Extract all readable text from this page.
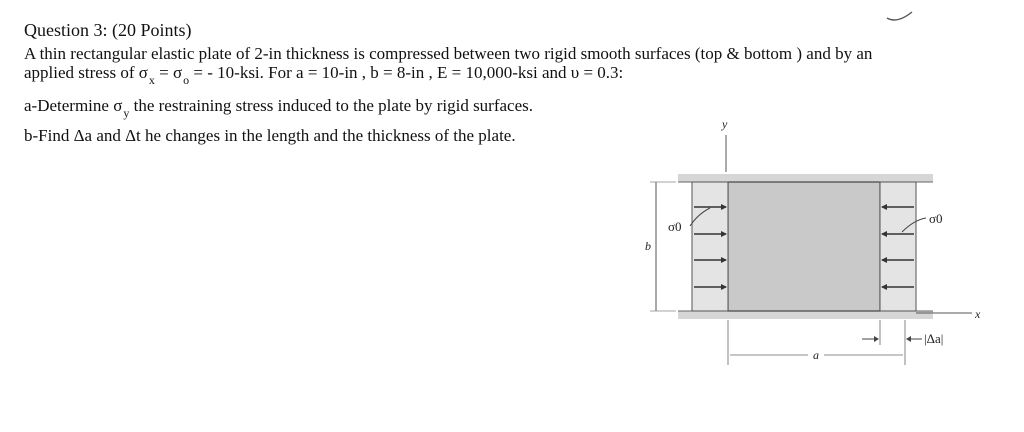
Question 3: (20 Points)
A thin rectangular elastic plate of 2-in thickness is compressed between two rigid smooth surfaces (top & bottom ) and by an
applied stress of $\sigma_x = \sigma_o$ = - 10-ksi. For a = 10-in , b = 8-in , E = 10,000-ksi and υ = 0.3:
a-Determine $\sigma_y$ the restraining stress induced to the plate by rigid surfaces.
b-Find Δa and Δt he changes in the length and the thickness of the plate.
y
σ0
σ0
b
x
a
|Δa|
